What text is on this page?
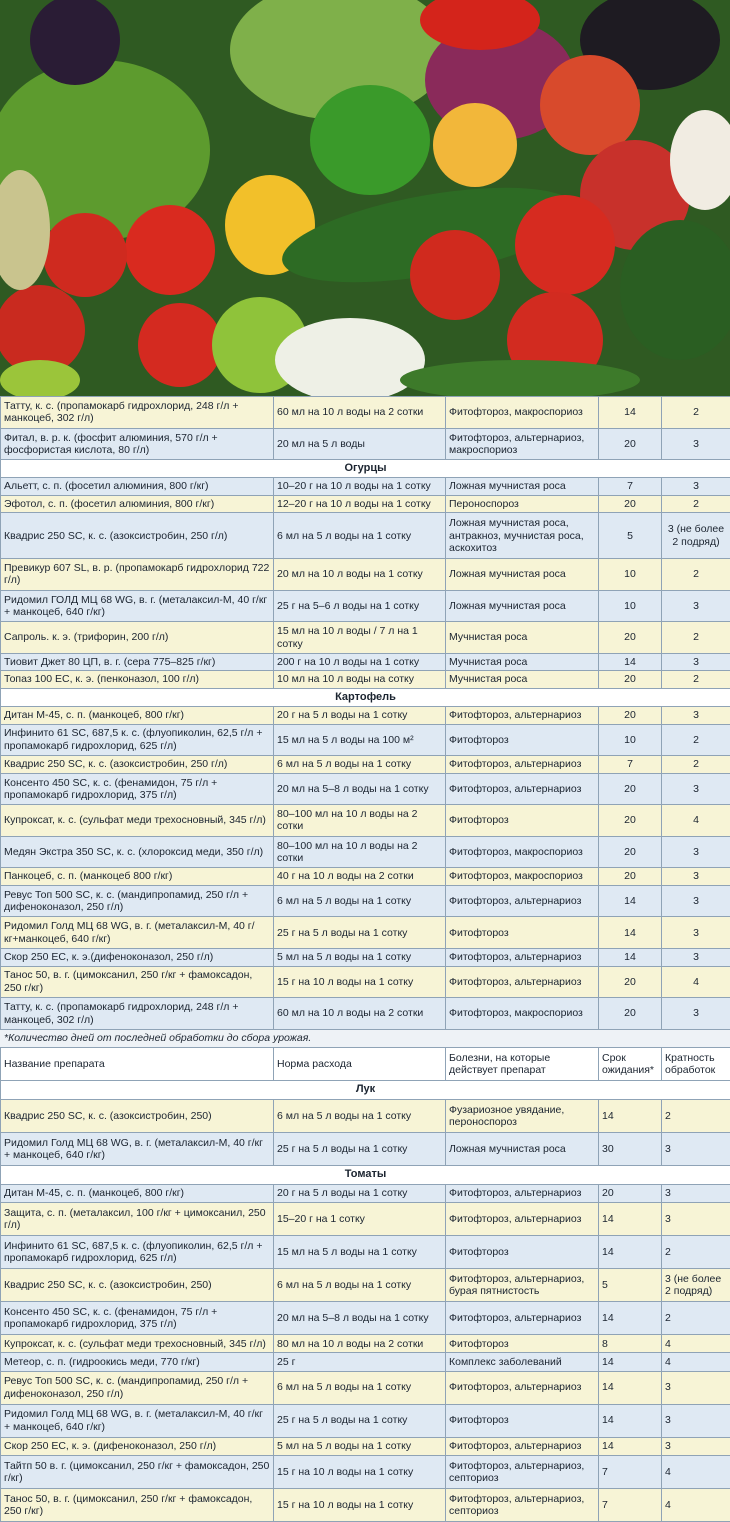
Татту, к. с. (пропамокарб гидрохлорид, 248 г/л + манкоцеб, 302 г/л)	60 мл на 10 л воды на 2 сотки	Фитофтороз, макроспориоз	14	2
Фитал, в. р. к. (фосфит алюминия, 570 г/л + фосфористая кислота, 80 г/л)	20 мл на 5 л воды	Фитофтороз, альтернариоз, макроспориоз	20	3
Огурцы				
Альетт, с. п. (фосетил алюминия, 800 г/кг)	10–20 г на 10 л воды на 1 сотку	Ложная мучнистая роса	7	3
Эфотол, с. п. (фосетил алюминия, 800 г/кг)	12–20 г на 10 л воды на 1 сотку	Пероноспороз	20	2
Квадрис 250 SC, к. с. (азоксистробин, 250 г/л)	6 мл на 5 л воды на 1 сотку	Ложная мучнистая роса, антракноз, мучнистая роса, аскохитоз	5	3 (не более 2 подряд)
Превикур 607 SL, в. р. (пропамокарб гидрохлорид 722 г/л)	20 мл на 10 л воды на 1 сотку	Ложная мучнистая роса	10	2
Ридомил ГОЛД МЦ 68 WG, в. г. (металаксил-М, 40 г/кг + манкоцеб, 640 г/кг)	25 г на 5–6 л воды на 1 сотку	Ложная мучнистая роса	10	3
Сапроль. к. э. (трифорин, 200 г/л)	15 мл на 10 л воды / 7 л на 1 сотку	Мучнистая роса	20	2
Тиовит Джет 80 ЦП, в. г. (сера 775–825 г/кг)	200 г на 10 л воды на 1 сотку	Мучнистая роса	14	3
Топаз 100 ЕС, к. э. (пенконазол, 100 г/л)	10 мл на 10 л воды на сотку	Мучнистая роса	20	2
Картофель				
Дитан М-45, с. п. (манкоцеб, 800 г/кг)	20 г на 5 л воды на 1 сотку	Фитофтороз, альтернариоз	20	3
Инфинито 61 SC, 687,5 к. с. (флуопиколин, 62,5 г/л + пропамокарб гидрохлорид, 625 г/л)	15 мл на 5 л воды на 100 м²	Фитофтороз	10	2
Квадрис 250 SC, к. с. (азоксистробин, 250 г/л)	6 мл на 5 л воды на 1 сотку	Фитофтороз, альтернариоз	7	2
Консенто 450 SC, к. с. (фенамидон, 75 г/л + пропамокарб гидрохлорид, 375 г/л)	20 мл на 5–8 л воды на 1 сотку	Фитофтороз, альтернариоз	20	3
Купроксат, к. с. (сульфат меди трехосновный, 345 г/л)	80–100 мл на 10 л воды на 2 сотки	Фитофтороз	20	4
Медян Экстра 350 SC, к. с. (хлороксид меди, 350 г/л)	80–100 мл на 10 л воды на 2 сотки	Фитофтороз, макроспориоз	20	3
Панкоцеб, с. п. (манкоцеб 800 г/кг)	40 г на 10 л воды на 2 сотки	Фитофтороз, макроспориоз	20	3
Ревус Топ 500 SC, к. с. (мандипропамид, 250 г/л + дифеноконазол, 250 г/л)	6 мл на 5 л воды на 1 сотку	Фитофтороз, альтернариоз	14	3
Ридомил Голд МЦ 68 WG, в. г. (металаксил-М, 40 г/кг+манкоцеб, 640 г/кг)	25 г на 5 л воды на 1 сотку	Фитофтороз	14	3
Скор 250 ЕС, к. э.(дифеноконазол, 250 г/л)	5 мл на 5 л воды на 1 сотку	Фитофтороз, альтернариоз	14	3
Танос 50, в. г. (цимоксанил, 250 г/кг + фамоксадон, 250 г/кг)	15 г на 10 л воды на 1 сотку	Фитофтороз, альтернариоз	20	4
Татту, к. с. (пропамокарб гидрохлорид, 248 г/л + манкоцеб, 302 г/л)	60 мл на 10 л воды на 2 сотки	Фитофтороз, макроспориоз	20	3
*Количество дней от последней обработки до сбора урожая.
Название препарата	Норма расхода	Болезни, на которые действует препарат	Срок ожидания*	Кратность обработок
Лук				
Квадрис 250 SC, к. с. (азоксистробин, 250)	6 мл на 5 л воды на 1 сотку	Фузариозное увядание, пероноспороз	14	2
Ридомил Голд МЦ 68 WG, в. г. (металаксил-М, 40 г/кг + манкоцеб, 640 г/кг)	25 г на 5 л воды на 1 сотку	Ложная мучнистая роса	30	3
Томаты				
Дитан М-45, с. п. (манкоцеб, 800 г/кг)	20 г на 5 л воды на 1 сотку	Фитофтороз, альтернариоз	20	3
Защита, с. п. (металаксил, 100 г/кг + цимоксанил, 250 г/л)	15–20 г на 1 сотку	Фитофтороз, альтернариоз	14	3
Инфинито 61 SC, 687,5 к. с. (флуопиколин, 62,5 г/л + пропамокарб гидрохлорид, 625 г/л)	15 мл на 5 л воды на 1 сотку	Фитофтороз	14	2
Квадрис 250 SC, к. с. (азоксистробин, 250)	6 мл на 5 л воды на 1 сотку	Фитофтороз, альтернариоз, бурая пятнистость	5	3 (не более 2 подряд)
Консенто 450 SC, к. с. (фенамидон, 75 г/л + пропамокарб гидрохлорид, 375 г/л)	20 мл на 5–8 л воды на 1 сотку	Фитофтороз, альтернариоз	14	2
Купроксат, к. с. (сульфат меди трехосновный, 345 г/л)	80 мл на 10 л воды на 2 сотки	Фитофтороз	8	4
Метеор, с. п. (гидроокись меди, 770 г/кг)	25 г	Комплекс заболеваний	14	4
Ревус Топ 500 SC, к. с. (мандипропамид, 250 г/л + дифеноконазол, 250 г/л)	6 мл на 5 л воды на 1 сотку	Фитофтороз, альтернариоз	14	3
Ридомил Голд МЦ 68 WG, в. г. (металаксил-М, 40 г/кг + манкоцеб, 640 г/кг)	25 г на 5 л воды на 1 сотку	Фитофтороз	14	3
Скор 250 ЕС, к. э. (дифеноконазол, 250 г/л)	5 мл на 5 л воды на 1 сотку	Фитофтороз, альтернариоз	14	3
Тайтп 50 в. г. (цимоксанил, 250 г/кг + фамоксадон, 250 г/кг)	15 г на 10 л воды на 1 сотку	Фитофтороз, альтернариоз, септориоз	7	4
Танос 50, в. г. (цимоксанил, 250 г/кг + фамоксадон, 250 г/кг)	15 г на 10 л воды на 1 сотку	Фитофтороз, альтернариоз, септориоз	7	4
